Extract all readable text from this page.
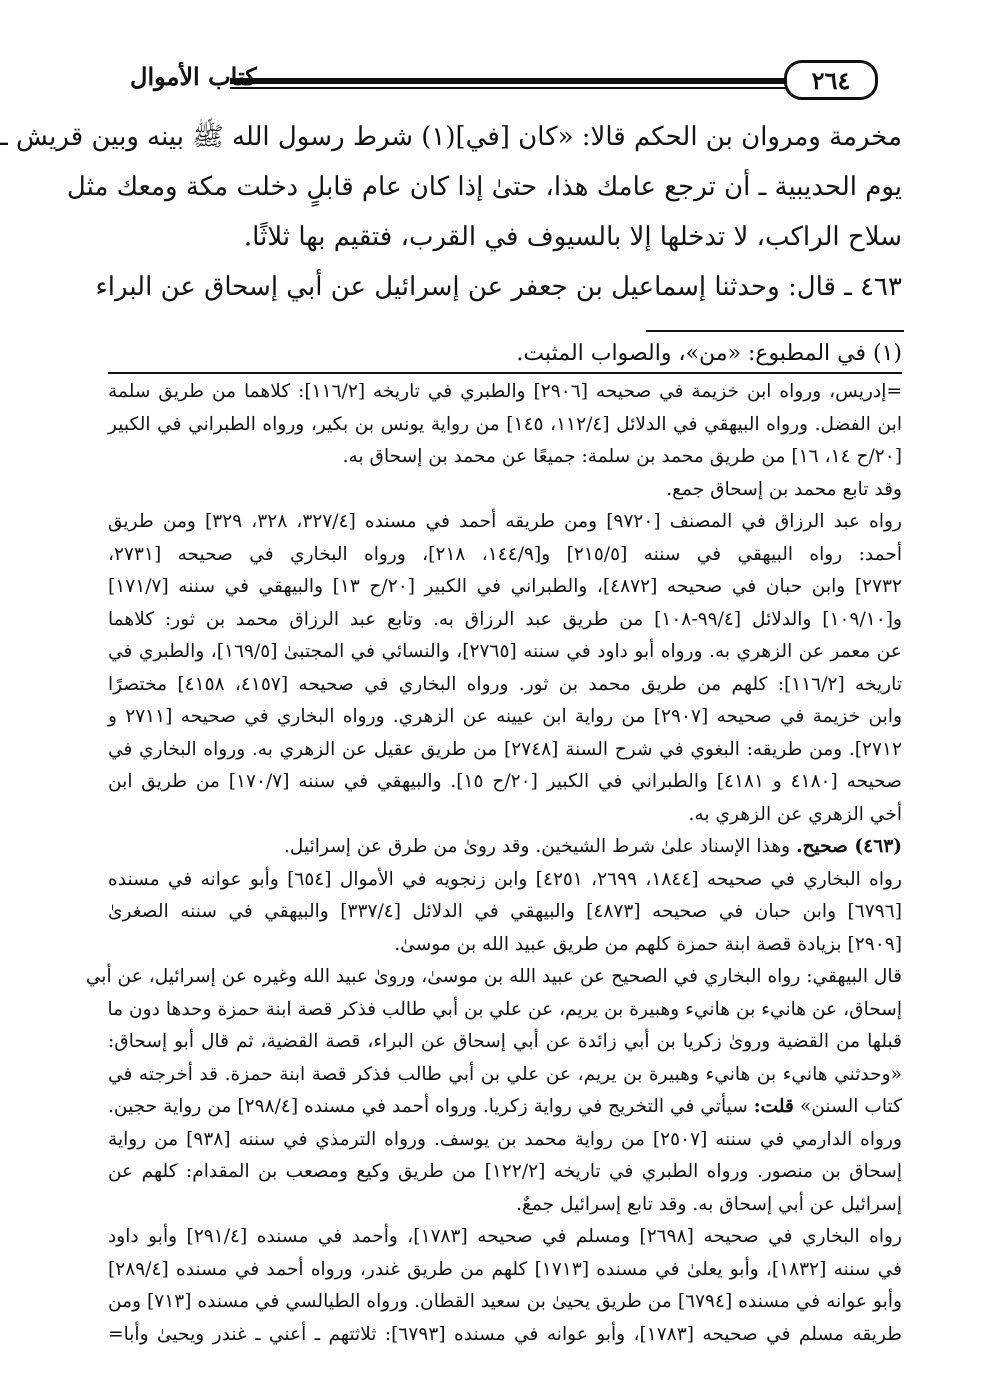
كتاب الأموال	٢٦٤
مخرمة ومروان بن الحكم قالا: «كان [في](١) شرط رسول الله ﷺ بينه وبين قريش ـ
يوم الحديبية ـ أن ترجع عامك هذا، حتىٰ إذا كان عام قابلٍ دخلت مكة ومعك مثل
سلاح الراكب، لا تدخلها إلا بالسيوف في القرب، فتقيم بها ثلاثًا.
٤٦٣ ـ قال: وحدثنا إسماعيل بن جعفر عن إسرائيل عن أبي إسحاق عن البراء
(١) في المطبوع: «من»، والصواب المثبت.
=إدريس، ورواه ابن خزيمة في صحيحه [٢٩٠٦] والطبري في تاريخه [١١٦/٢]: كلاهما من طريق سلمة
ابن الفضل. ورواه البيهقي في الدلائل [١١٢/٤، ١٤٥] من رواية يونس بن بكير، ورواه الطبراني في الكبير
[٢٠/ح ١٤، ١٦] من طريق محمد بن سلمة: جميعًا عن محمد بن إسحاق به.
وقد تابع محمد بن إسحاق جمع.
رواه عبد الرزاق في المصنف [٩٧٢٠] ومن طريقه أحمد في مسنده [٣٢٧/٤، ٣٢٨، ٣٢٩] ومن طريق
أحمد: رواه البيهقي في سننه [٢١٥/٥] و[١٤٤/٩، ٢١٨]، ورواه البخاري في صحيحه [٢٧٣١،
٢٧٣٢] وابن حبان في صحيحه [٤٨٧٢]، والطبراني في الكبير [٢٠/ح ١٣] والبيهقي في سننه [١٧١/٧]
و[١٠٩/١٠] والدلائل [٩٩/٤-١٠٨] من طريق عبد الرزاق به. وتابع عبد الرزاق محمد بن ثور: كلاهما
عن معمر عن الزهري به. ورواه أبو داود في سننه [٢٧٦٥]، والنسائي في المجتبىٰ [١٦٩/٥]، والطبري في
تاريخه [١١٦/٢]: كلهم من طريق محمد بن ثور. ورواه البخاري في صحيحه [٤١٥٧، ٤١٥٨] مختصرًا
وابن خزيمة في صحيحه [٢٩٠٧] من رواية ابن عيينه عن الزهري. ورواه البخاري في صحيحه [٢٧١١ و
٢٧١٢]. ومن طريقه: البغوي في شرح السنة [٢٧٤٨] من طريق عقيل عن الزهري به. ورواه البخاري في
صحيحه [٤١٨٠ و ٤١٨١] والطبراني في الكبير [٢٠/ح ١٥]. والبيهقي في سننه [١٧٠/٧] من طريق ابن
أخي الزهري عن الزهري به.
(٤٦٣) صحيح. وهذا الإسناد علىٰ شرط الشيخين. وقد روىٰ من طرق عن إسرائيل.
رواه البخاري في صحيحه [١٨٤٤، ٢٦٩٩، ٤٢٥١] وابن زنجويه في الأموال [٦٥٤] وأبو عوانه في مسنده
[٦٧٩٦] وابن حبان في صحيحه [٤٨٧٣] والبيهقي في الدلائل [٣٣٧/٤] والبيهقي في سننه الصغرىٰ
[٢٩٠٩] بزيادة قصة ابنة حمزة كلهم من طريق عبيد الله بن موسىٰ.
قال البيهقي: رواه البخاري في الصحيح عن عبيد الله بن موسىٰ، وروىٰ عبيد الله وغيره عن إسرائيل، عن أبي
إسحاق، عن هانيء بن هانيء وهبيرة بن يريم، عن علي بن أبي طالب فذكر قصة ابنة حمزة وحدها دون ما
قبلها من القضية وروىٰ زكريا بن أبي زائدة عن أبي إسحاق عن البراء، قصة القضية، ثم قال أبو إسحاق:
«وحدثني هانيء بن هانيء وهبيرة بن يريم، عن علي بن أبي طالب فذكر قصة ابنة حمزة. قد أخرجته في
كتاب السنن» قلت: سيأتي في التخريج في رواية زكريا. ورواه أحمد في مسنده [٢٩٨/٤] من رواية حجين.
ورواه الدارمي في سننه [٢٥٠٧] من رواية محمد بن يوسف. ورواه الترمذي في سننه [٩٣٨] من رواية
إسحاق بن منصور. ورواه الطبري في تاريخه [١٢٢/٢] من طريق وكيع ومصعب بن المقدام: كلهم عن
إسرائيل عن أبي إسحاق به. وقد تابع إسرائيل جمعٌ.
رواه البخاري في صحيحه [٢٦٩٨] ومسلم في صحيحه [١٧٨٣]، وأحمد في مسنده [٢٩١/٤] وأبو داود
في سننه [١٨٣٢]، وأبو يعلىٰ في مسنده [١٧١٣] كلهم من طريق غندر، ورواه أحمد في مسنده [٢٨٩/٤]
وأبو عوانه في مسنده [٦٧٩٤] من طريق يحيىٰ بن سعيد القطان. ورواه الطيالسي في مسنده [٧١٣] ومن
طريقه مسلم في صحيحه [١٧٨٣]، وأبو عوانه في مسنده [٦٧٩٣]: ثلاثتهم ـ أعني ـ غندر ويحيىٰ وأبا=
